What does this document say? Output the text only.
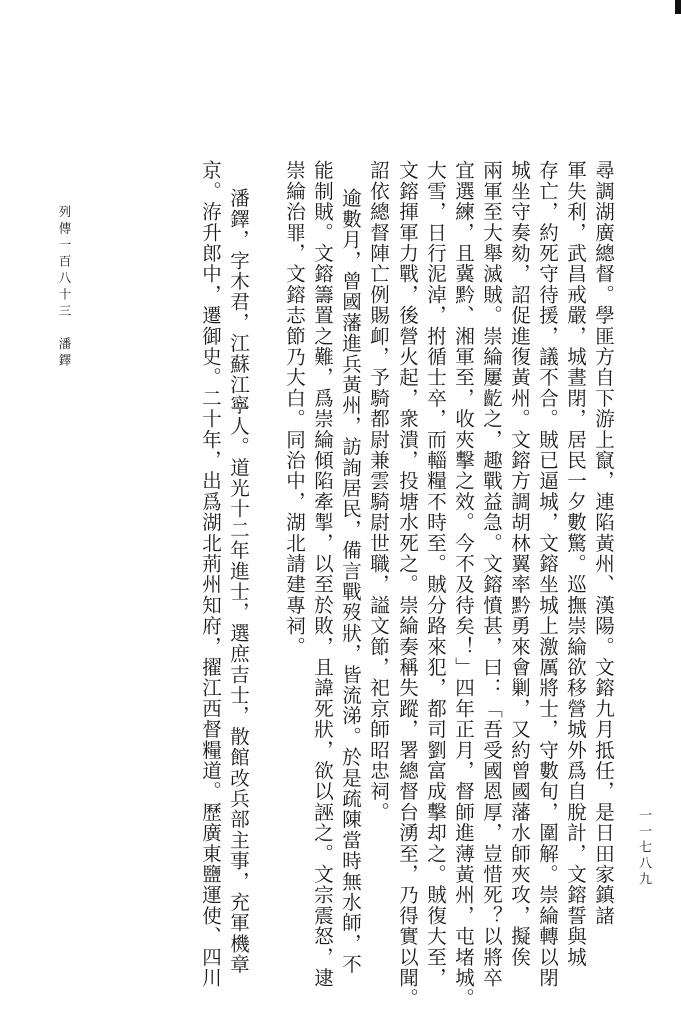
尋調湖廣總督。學匪方自下游上竄，連陷黃州、漢陽。文鎔九月抵任，是日田家鎮諸
軍失利，武昌戒嚴，城晝閉，居民一夕數驚。巡撫崇綸欲移營城外爲自脫計，文鎔誓與城
存亡，約死守待援，議不合。賊已逼城，文鎔坐城上激厲將士，守數旬，圍解。崇綸轉以閉
城坐守奏劾，詔促進復黃州。文鎔方調胡林翼率黔勇來會剿，又約曾國藩水師夾攻，擬俟
兩軍至大舉滅賊。崇綸屢齕之，趣戰益急。文鎔憤甚，曰：「吾受國恩厚，豈惜死？以將卒
宜選練，且冀黔、湘軍至，收夾擊之效。今不及待矣！」四年正月，督師進薄黃州，屯堵城。
大雪，日行泥淖，拊循士卒，而輜糧不時至。賊分路來犯，都司劉富成擊却之。賊復大至，
文鎔揮軍力戰，後營火起，衆潰，投塘水死之。崇綸奏稱失蹤，署總督台湧至，乃得實以聞。
詔依總督陣亡例賜卹，予騎都尉兼雲騎尉世職，謚文節，祀京師昭忠祠。
逾數月，曾國藩進兵黃州，訪詢居民，備言戰歿狀，皆流涕。於是疏陳當時無水師，不
能制賊。文鎔籌置之難，爲崇綸傾陷牽掣，以至於敗，且諱死狀，欲以誣之。文宗震怒，逮
崇綸治罪，文鎔志節乃大白。同治中，湖北請建專祠。
潘鐸，字木君，江蘇江寧人。道光十二年進士，選庶吉士，散館改兵部主事，充軍機章
京。洊升郎中，遷御史。二十年，出爲湖北荊州知府，擢江西督糧道。歷廣東鹽運使、四川
列傳一百八十三　潘鐸
一一七八九
